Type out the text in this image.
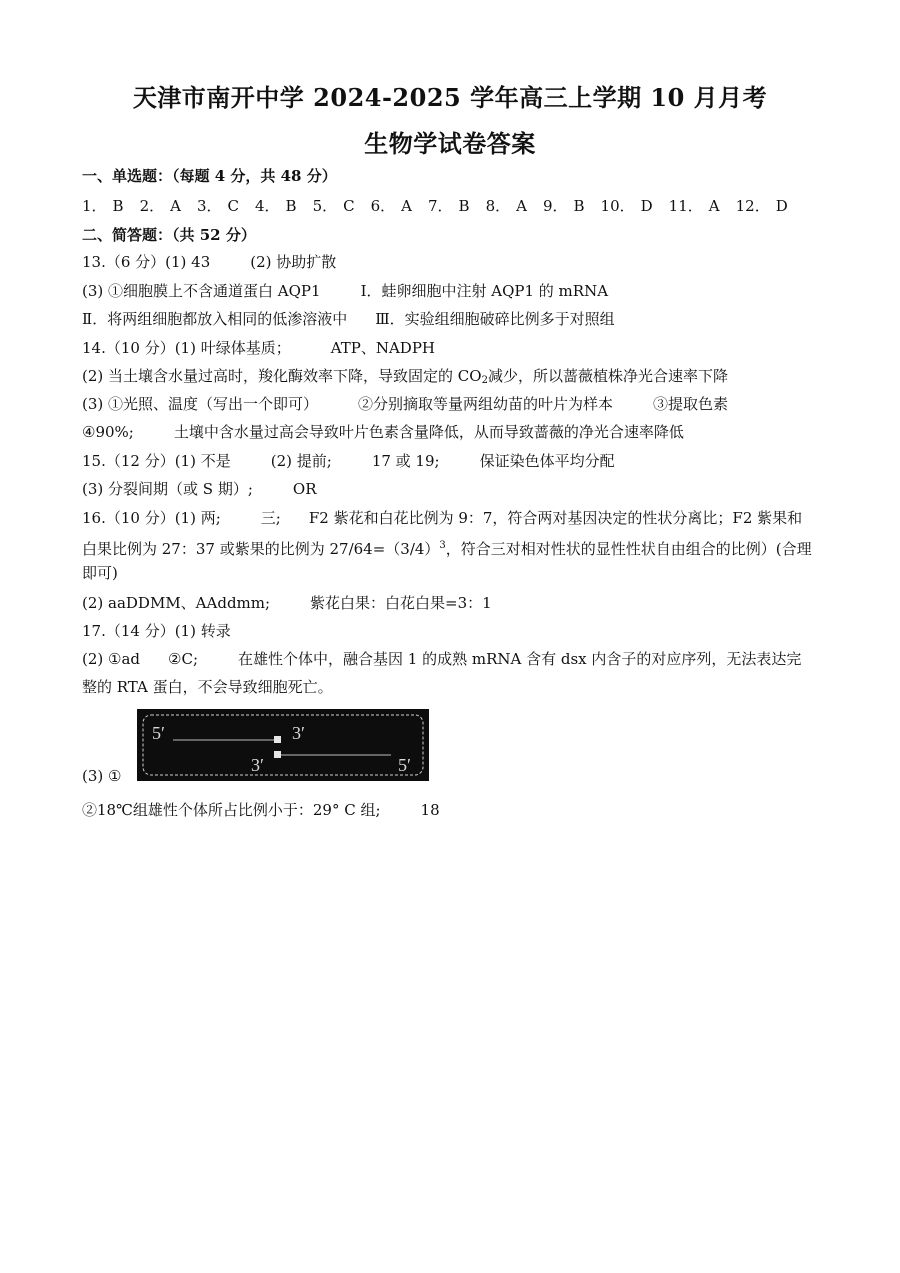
天津市南开中学 2024-2025 学年高三上学期 10 月月考
生物学试卷答案
一、单选题：（每题 4 分，共 48 分）
1． B 2． A 3． C 4． B 5． C 6． A 7． B 8． A 9． B 10． D 11． A 12． D
二、简答题：（共 52 分）
13.（6 分）(1) 43	(2) 协助扩散
(3) ①细胞膜上不含通道蛋白 AQP1	Ⅰ．蛙卵细胞中注射 AQP1 的 mRNA
Ⅱ．将两组细胞都放入相同的低渗溶液中 Ⅲ．实验组细胞破碎比例多于对照组
14.（10 分）(1) 叶绿体基质；	ATP、NADPH
(2) 当土壤含水量过高时，羧化酶效率下降，导致固定的 $CO_2$减少，所以蔷薇植株净光合速率下降
(3) ①光照、温度（写出一个即可）	②分别摘取等量两组幼苗的叶片为样本	③提取色素
④90%;	土壤中含水量过高会导致叶片色素含量降低，从而导致蔷薇的净光合速率降低
15.（12 分）(1) 不是	(2) 提前;	17 或 19;	保证染色体平均分配
(3) 分裂间期（或 S 期）;	OR
16.（10 分）(1) 两;	三; F2 紫花和白花比例为 9：7，符合两对基因决定的性状分离比；F2 紫果和
白果比例为 27：37 或紫果的比例为 $27/64=(3/4)^3$，符合三对相对性状的显性性状自由组合的比例）(合理
即可)
(2) aaDDMM、AAddmm;	紫花白果：白花白果=3：1
17.（14 分）(1) 转录
(2) ①ad ②C;	在雄性个体中，融合基因 1 的成熟 mRNA 含有 dsx 内含子的对应序列，无法表达完
整的 RTA 蛋白，不会导致细胞死亡。
(3) ①
5′	3′
3′	5′
②18℃组雄性个体所占比例小于：29° C 组;	18
